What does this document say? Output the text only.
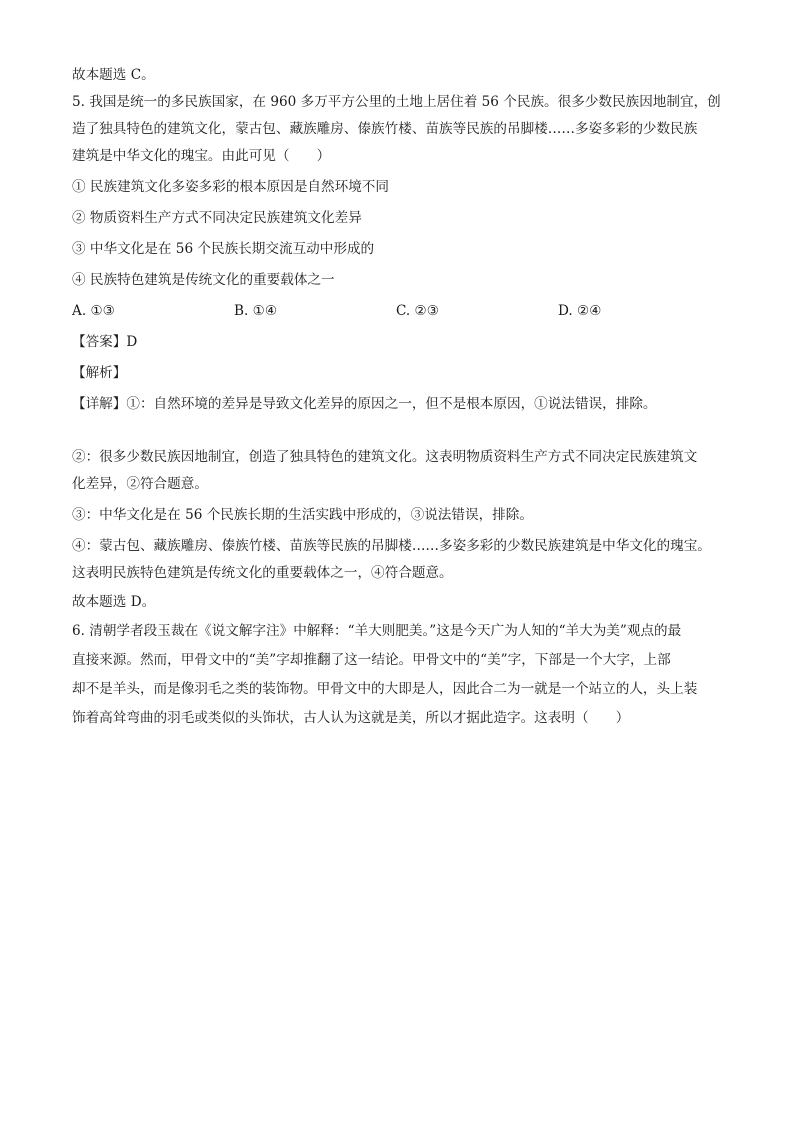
故本题选 C。
5. 我国是统一的多民族国家，在 960 多万平方公里的土地上居住着 56 个民族。很多少数民族因地制宜，创
造了独具特色的建筑文化，蒙古包、藏族雕房、傣族竹楼、苗族等民族的吊脚楼……多姿多彩的少数民族
建筑是中华文化的瑰宝。由此可见（　　）
① 民族建筑文化多姿多彩的根本原因是自然环境不同
② 物质资料生产方式不同决定民族建筑文化差异
③ 中华文化是在 56 个民族长期交流互动中形成的
④ 民族特色建筑是传统文化的重要载体之一
A. ①③	B. ①④	C. ②③	D. ②④
【答案】D
【解析】
【详解】①：自然环境的差异是导致文化差异的原因之一，但不是根本原因，①说法错误，排除。
②：很多少数民族因地制宜，创造了独具特色的建筑文化。这表明物质资料生产方式不同决定民族建筑文
化差异，②符合题意。
③：中华文化是在 56 个民族长期的生活实践中形成的，③说法错误，排除。
④：蒙古包、藏族雕房、傣族竹楼、苗族等民族的吊脚楼……多姿多彩的少数民族建筑是中华文化的瑰宝。
这表明民族特色建筑是传统文化的重要载体之一，④符合题意。
故本题选 D。
6. 清朝学者段玉裁在《说文解字注》中解释：“羊大则肥美。”这是今天广为人知的“羊大为美”观点的最
直接来源。然而，甲骨文中的“美”字却推翻了这一结论。甲骨文中的“美”字，下部是一个大字，上部
却不是羊头，而是像羽毛之类的装饰物。甲骨文中的大即是人，因此合二为一就是一个站立的人，头上装
饰着高耸弯曲的羽毛或类似的头饰状，古人认为这就是美，所以才据此造字。这表明（　　）
